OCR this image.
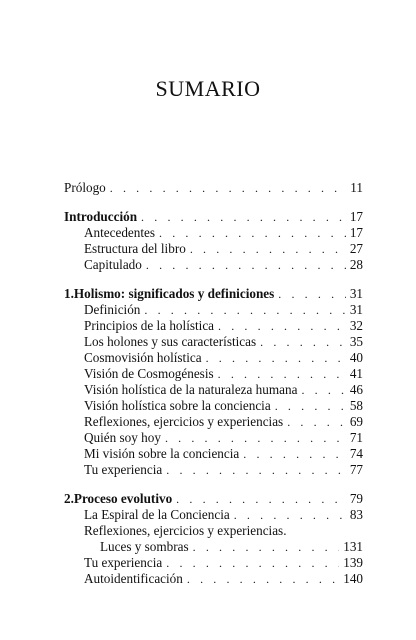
SUMARIO
Prólogo . . .	11
Introducción . . .	17
Antecedentes . . .	17
Estructura del libro . . .	27
Capitulado . . .	28
1. Holismo: significados y definiciones . . .	31
Definición . . .	31
Principios de la holística . . .	32
Los holones y sus características . . .	35
Cosmovisión holística . . .	40
Visión de Cosmogénesis . . .	41
Visión holística de la naturaleza humana . . .	46
Visión holística sobre la conciencia . . .	58
Reflexiones, ejercicios y experiencias . . .	69
Quién soy hoy . . .	71
Mi visión sobre la conciencia . . .	74
Tu experiencia . . .	77
2. Proceso evolutivo . . .	79
La Espiral de la Conciencia . . .	83
Reflexiones, ejercicios y experiencias.
Luces y sombras . . .	131
Tu experiencia . . .	139
Autoidentificación . . .	140
